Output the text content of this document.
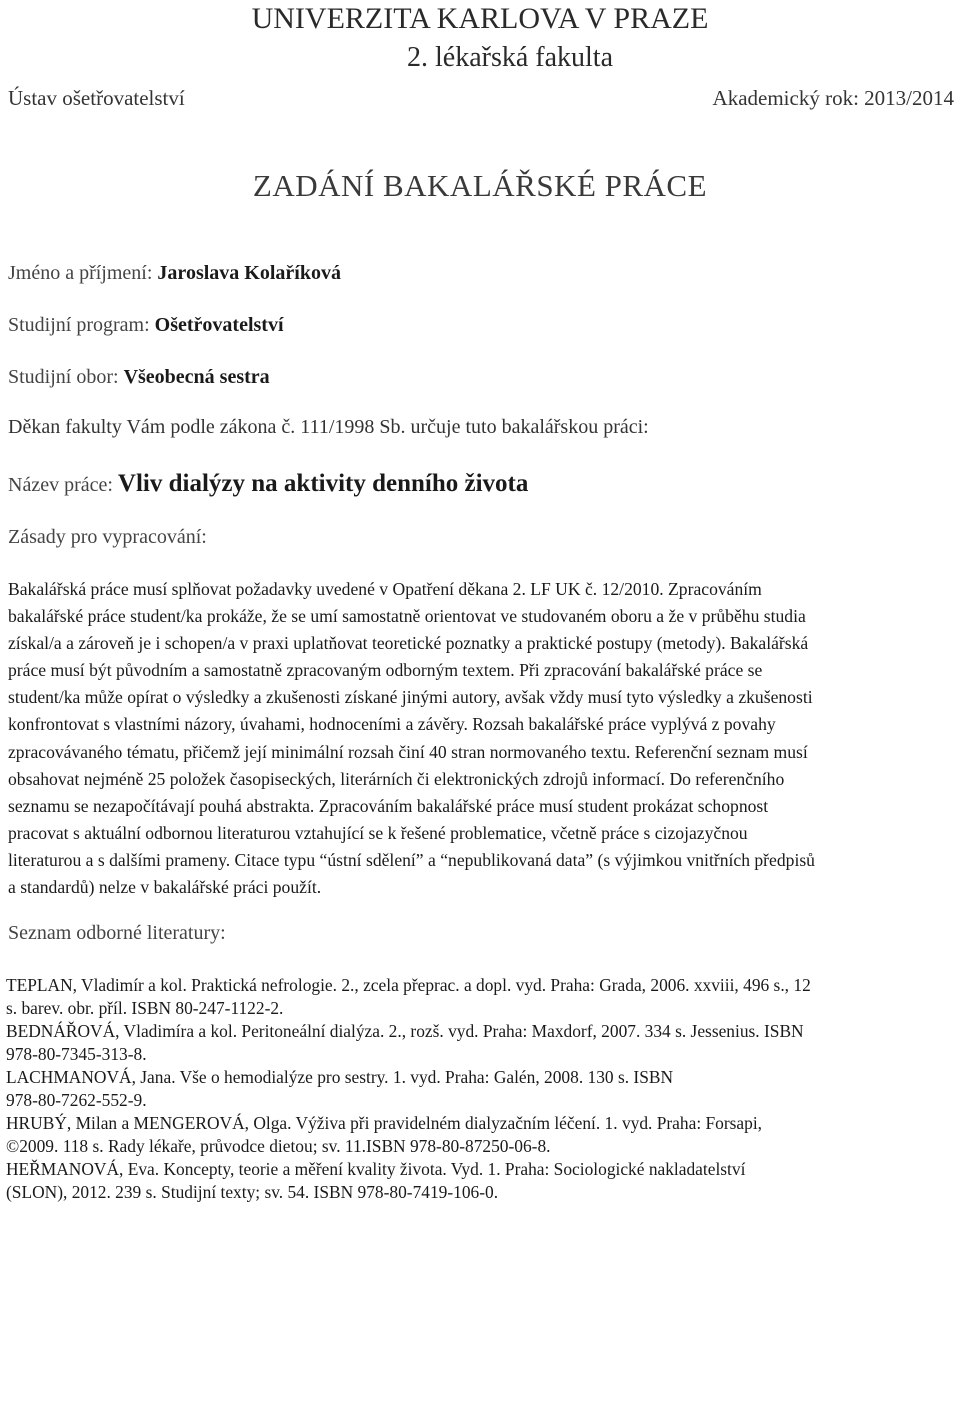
UNIVERZITA KARLOVA V PRAZE
2. lékařská fakulta
Ústav ošetřovatelství	Akademický rok: 2013/2014
ZADÁNÍ BAKALÁŘSKÉ PRÁCE
Jméno a příjmení: Jaroslava Kolaříková
Studijní program: Ošetřovatelství
Studijní obor: Všeobecná sestra
Děkan fakulty Vám podle zákona č. 111/1998 Sb. určuje tuto bakalářskou práci:
Název práce: Vliv dialýzy na aktivity denního života
Zásady pro vypracování:
Bakalářská práce musí splňovat požadavky uvedené v Opatření děkana 2. LF UK č. 12/2010. Zpracováním
bakalářské práce student/ka prokáže, že se umí samostatně orientovat ve studovaném oboru a že v průběhu studia
získal/a a zároveň je i schopen/a v praxi uplatňovat teoretické poznatky a praktické postupy (metody). Bakalářská
práce musí být původním a samostatně zpracovaným odborným textem. Při zpracování bakalářské práce se
student/ka může opírat o výsledky a zkušenosti získané jinými autory, avšak vždy musí tyto výsledky a zkušenosti
konfrontovat s vlastními názory, úvahami, hodnoceními a závěry. Rozsah bakalářské práce vyplývá z povahy
zpracovávaného tématu, přičemž její minimální rozsah činí 40 stran normovaného textu. Referenční seznam musí
obsahovat nejméně 25 položek časopiseckých, literárních či elektronických zdrojů informací. Do referenčního
seznamu se nezapočítávají pouhá abstrakta. Zpracováním bakalářské práce musí student prokázat schopnost
pracovat s aktuální odbornou literaturou vztahující se k řešené problematice, včetně práce s cizojazyčnou
literaturou a s dalšími prameny. Citace typu “ústní sdělení” a “nepublikovaná data” (s výjimkou vnitřních předpisů
a standardů) nelze v bakalářské práci použít.
Seznam odborné literatury:
TEPLAN, Vladimír a kol. Praktická nefrologie. 2., zcela přeprac. a dopl. vyd. Praha: Grada, 2006. xxviii, 496 s., 12
s. barev. obr. příl. ISBN 80-247-1122-2.
BEDNÁŘOVÁ, Vladimíra a kol. Peritoneální dialýza. 2., rozš. vyd. Praha: Maxdorf, 2007. 334 s. Jessenius. ISBN
978-80-7345-313-8.
LACHMANOVÁ, Jana. Vše o hemodialýze pro sestry. 1. vyd. Praha: Galén, 2008. 130 s. ISBN
978-80-7262-552-9.
HRUBÝ, Milan a MENGEROVÁ, Olga. Výživa při pravidelném dialyzačním léčení. 1. vyd. Praha: Forsapi,
©2009. 118 s. Rady lékaře, průvodce dietou; sv. 11.ISBN 978-80-87250-06-8.
HEŘMANOVÁ, Eva. Koncepty, teorie a měření kvality života. Vyd. 1. Praha: Sociologické nakladatelství
(SLON), 2012. 239 s. Studijní texty; sv. 54. ISBN 978-80-7419-106-0.
